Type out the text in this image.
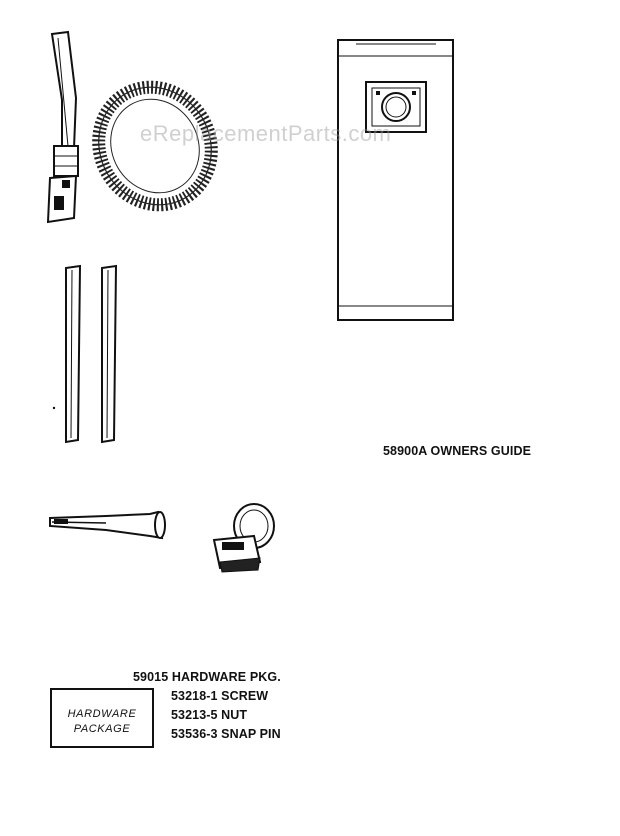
eReplacementParts.com
58900A OWNERS GUIDE
59015 HARDWARE PKG.
53218-1 SCREW
53213-5 NUT
53536-3 SNAP PIN
HARDWARE
PACKAGE
